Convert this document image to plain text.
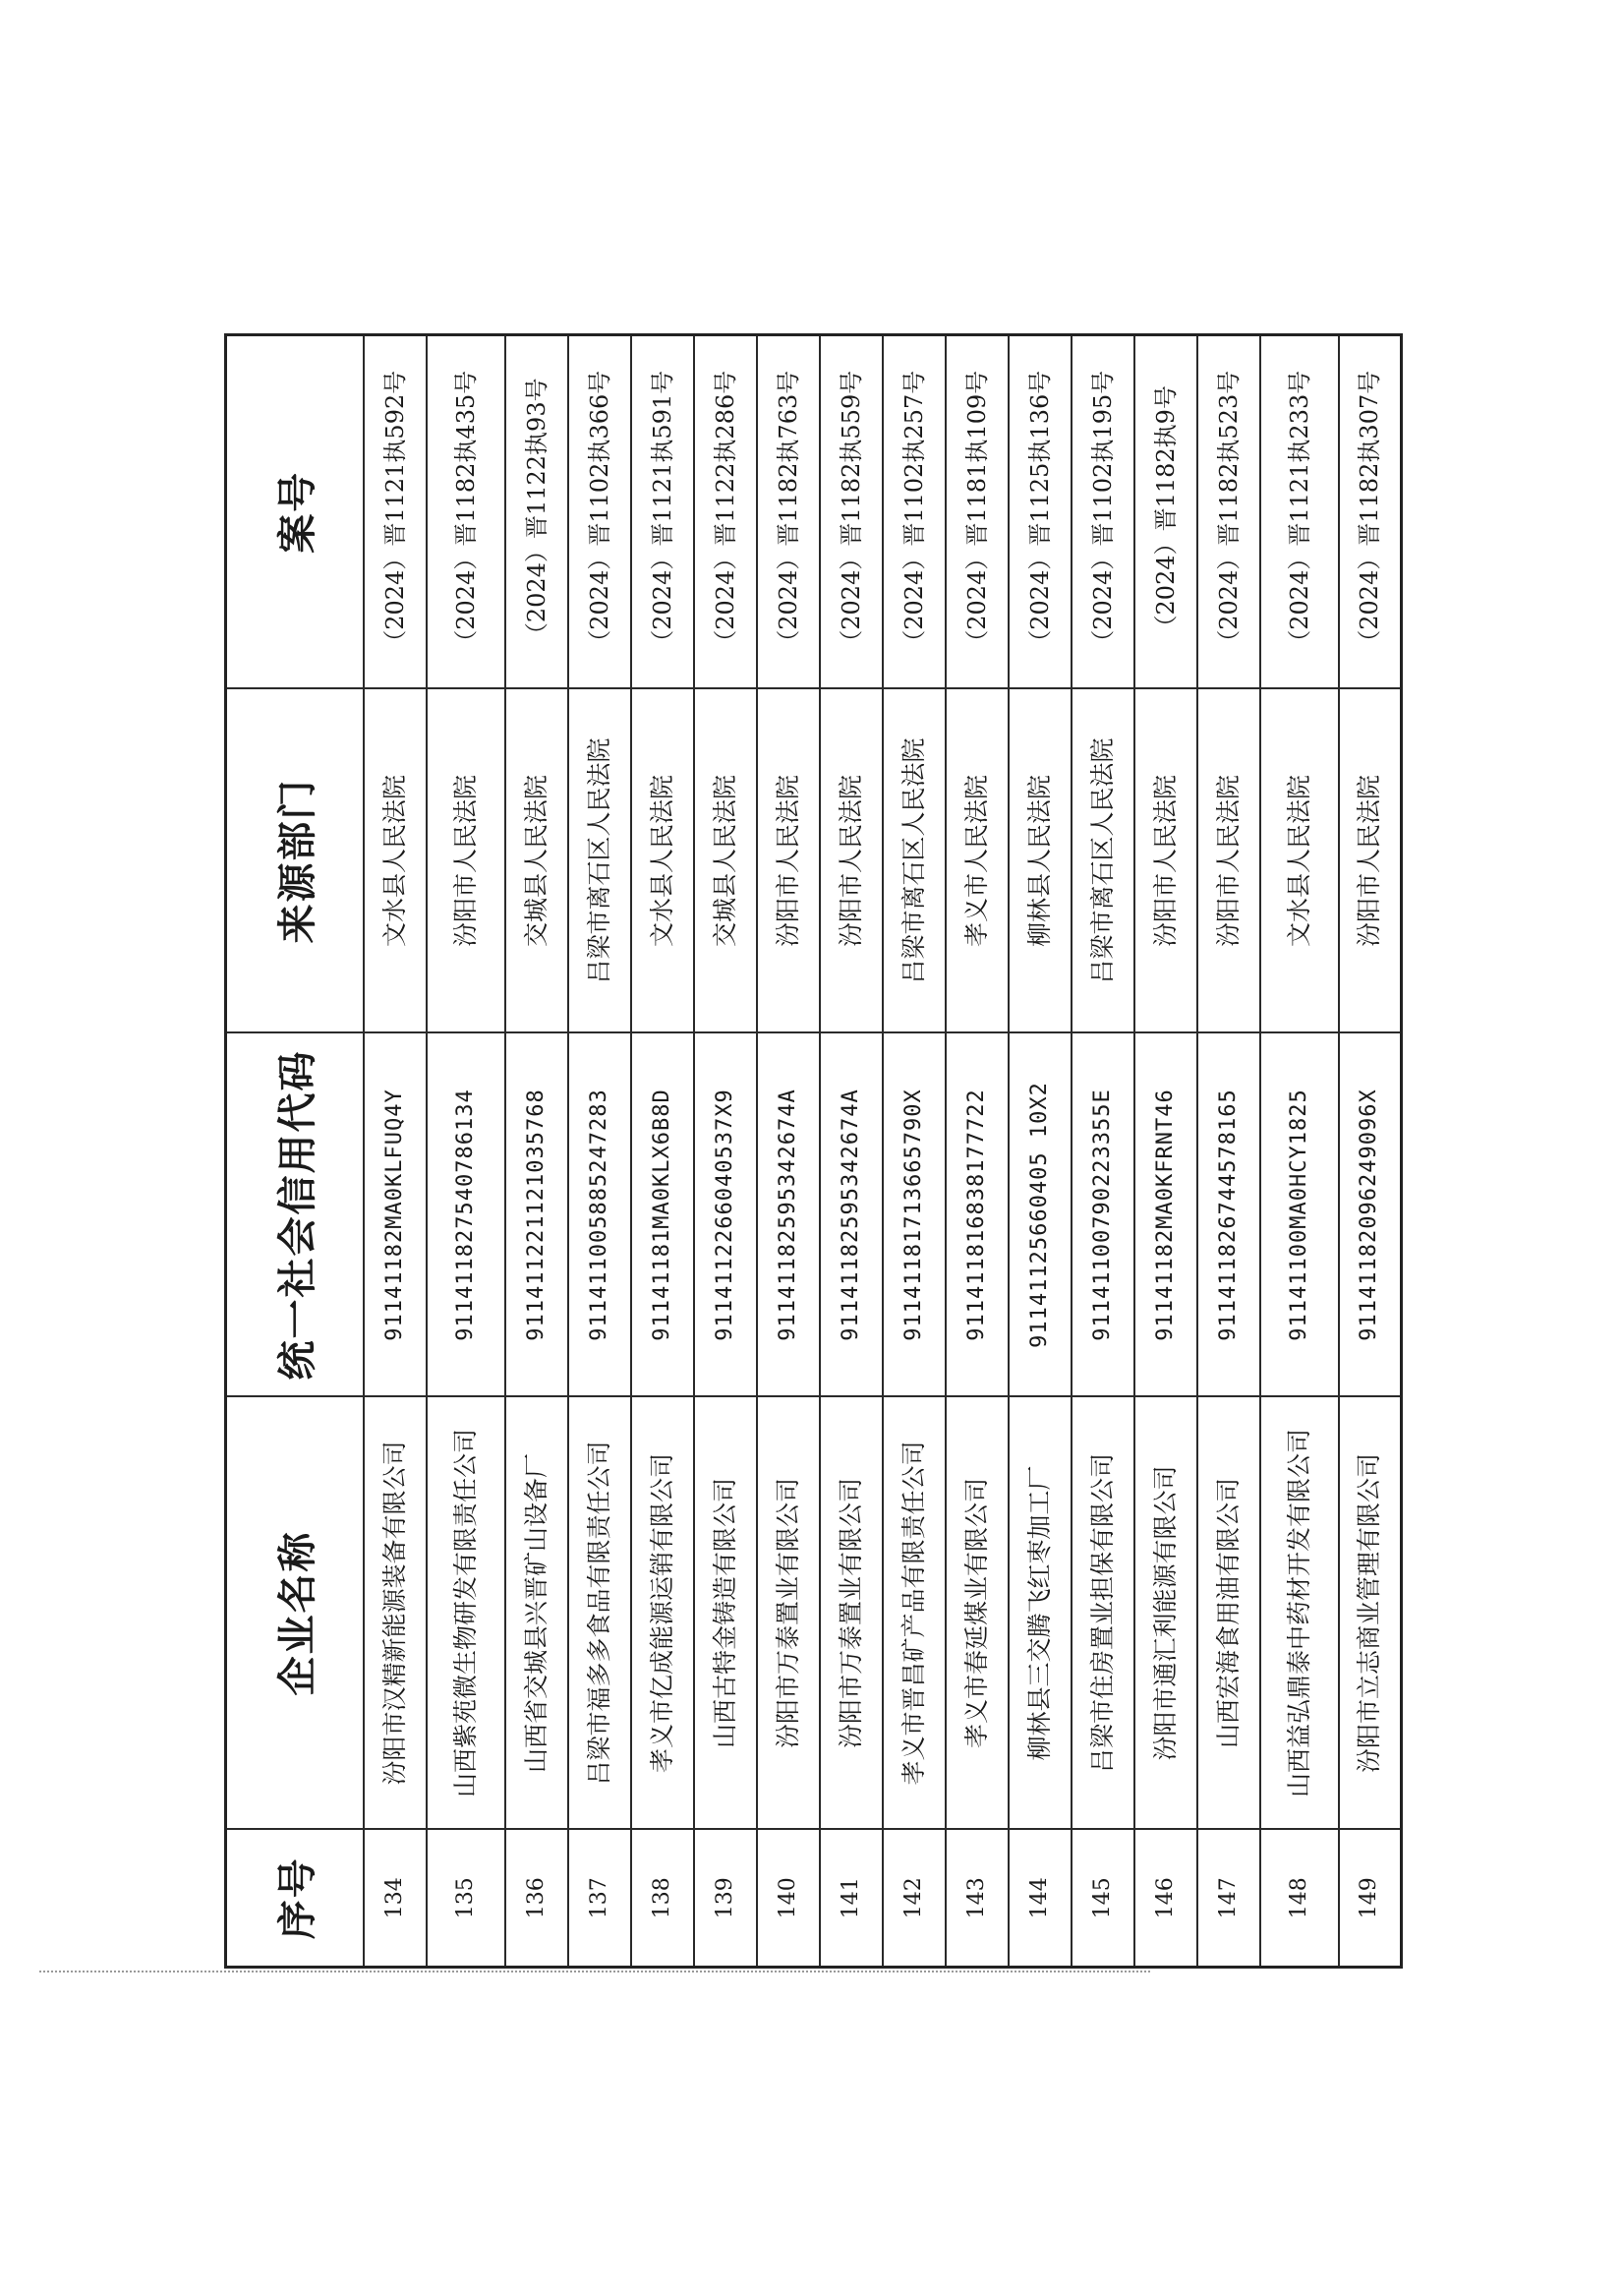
序号	企业名称	统一社会信用代码	来源部门	案号
134	汾阳市汉精新能源装备有限公司	91141182MA0KLFUQ4Y	文水县人民法院	（2024）晋1121执592号
135	山西紫苑微生物研发有限责任公司	91141182754078613​4	汾阳市人民法院	（2024）晋1182执435号
136	山西省交城县兴晋矿山设备厂	911411221121035768	交城县人民法院	（2024）晋1122执93号
137	吕梁市福多多食品有限责任公司	911411005885247283	吕梁市离石区人民法院	（2024）晋1102执366号
138	孝义市亿成能源运销有限公司	91141181MA0KLX6B8D	文水县人民法院	（2024）晋1121执591号
139	山西古特金铸造有限公司	911411226604053​7X9	交城县人民法院	（2024）晋1122执286号
140	汾阳市万泰置业有限公司	91141182595342674A	汾阳市人民法院	（2024）晋1182执763号
141	汾阳市万泰置业有限公司	91141182595342674A	汾阳市人民法院	（2024）晋1182执559号
142	孝义市晋昌矿产品有限责任公司	91141181713665790X	吕梁市离石区人民法院	（2024）晋1102执257号
143	孝义市春延煤业有限公司	911411816838177722	孝义市人民法院	（2024）晋1181执109号
144	柳林县三交腾飞红枣加工厂	91141125660405 10X2	柳林县人民法院	（2024）晋1125执136号
145	吕梁市住房置业担保有限公司	91141100790223355E	吕梁市离石区人民法院	（2024）晋1102执195号
146	汾阳市通汇利能源有限公司	91141182MA0KFRNT46	汾阳市人民法院	（2024）晋1182执9号
147	山西宏海食用油有限公司	911411826744578165	汾阳市人民法院	（2024）晋1182执523号
148	山西益弘鼎泰中药材开发有限公司	91141100MA0HCY1825	文水县人民法院	（2024）晋1121执233号
149	汾阳市立志商业管理有限公司	91141182096249096X	汾阳市人民法院	（2024）晋1182执307号
